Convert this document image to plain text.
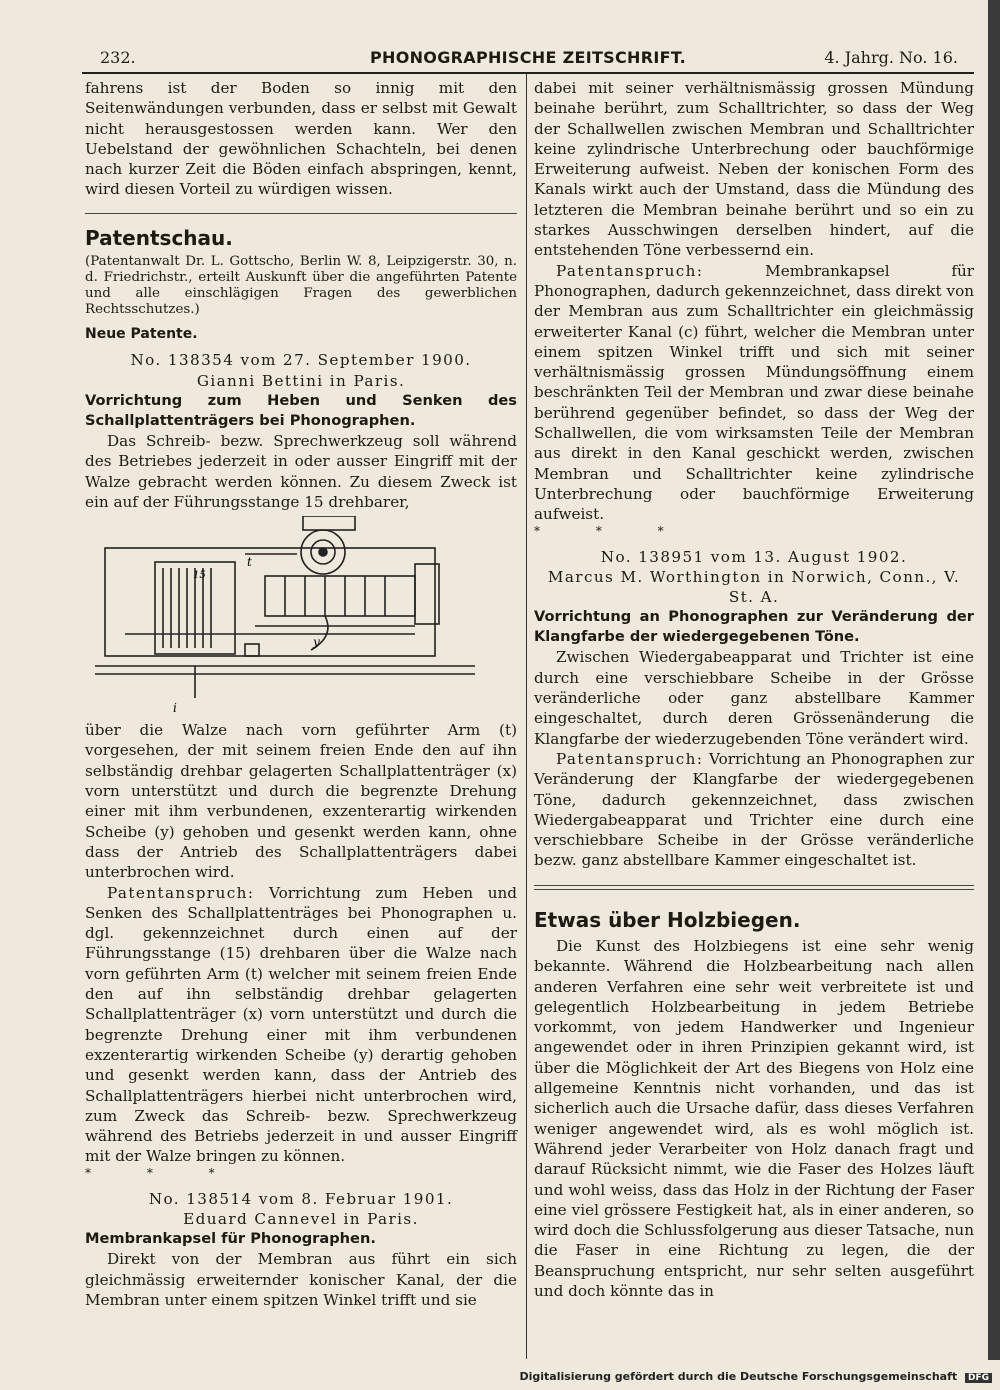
232.	PHONOGRAPHISCHE ZEITSCHRIFT.	4. Jahrg. No. 16.

fahrens ist der Boden so innig mit den Seitenwändungen verbunden, dass er selbst mit Gewalt nicht herausgestossen werden kann. Wer den Uebelstand der gewöhnlichen Schachteln, bei denen nach kurzer Zeit die Böden einfach abspringen, kennt, wird diesen Vorteil zu würdigen wissen.

Patentschau.

(Patentanwalt Dr. L. Gottscho, Berlin W. 8, Leipzigerstr. 30, n. d. Friedrichstr., erteilt Auskunft über die angeführten Patente und alle einschlägigen Fragen des gewerblichen Rechtsschutzes.)

Neue Patente.

No. 138354 vom 27. September 1900.

Gianni Bettini in Paris.

Vorrichtung zum Heben und Senken des Schallplattenträgers bei Phonographen.

Das Schreib- bezw. Sprechwerkzeug soll während des Betriebes jederzeit in oder ausser Eingriff mit der Walze gebracht werden können. Zu diesem Zweck ist ein auf der Führungsstange 15 drehbarer,

t
15
y
i

über die Walze nach vorn geführter Arm (t) vorgesehen, der mit seinem freien Ende den auf ihn selbständig drehbar gelagerten Schallplattenträger (x) vorn unterstützt und durch die begrenzte Drehung einer mit ihm verbundenen, exzenterartig wirkenden Scheibe (y) gehoben und gesenkt werden kann, ohne dass der Antrieb des Schallplattenträgers dabei unterbrochen wird.

Patentanspruch: Vorrichtung zum Heben und Senken des Schallplattenträges bei Phonographen u. dgl. gekennzeichnet durch einen auf der Führungsstange (15) drehbaren über die Walze nach vorn geführten Arm (t) welcher mit seinem freien Ende den auf ihn selbständig drehbar gelagerten Schallplattenträger (x) vorn unterstützt und durch die begrenzte Drehung einer mit ihm verbundenen exzenterartig wirkenden Scheibe (y) derartig gehoben und gesenkt werden kann, dass der Antrieb des Schallplattenträgers hierbei nicht unterbrochen wird, zum Zweck das Schreib- bezw. Sprechwerkzeug während des Betriebs jederzeit in und ausser Eingriff mit der Walze bringen zu können.

* * *

No. 138514 vom 8. Februar 1901.

Eduard Cannevel in Paris.

Membrankapsel für Phonographen.

Direkt von der Membran aus führt ein sich gleichmässig erweiternder konischer Kanal, der die Membran unter einem spitzen Winkel trifft und sie

dabei mit seiner verhältnismässig grossen Mündung beinahe berührt, zum Schalltrichter, so dass der Weg der Schallwellen zwischen Membran und Schalltrichter keine zylindrische Unterbrechung oder bauchförmige Erweiterung aufweist. Neben der konischen Form des Kanals wirkt auch der Umstand, dass die Mündung des letzteren die Membran beinahe berührt und so ein zu starkes Ausschwingen derselben hindert, auf die entstehenden Töne verbessernd ein.

Patentanspruch:	Membrankapsel für Phonographen, dadurch gekennzeichnet, dass direkt von der Membran aus zum Schalltrichter ein gleichmässig erweiterter Kanal (c) führt, welcher die Membran unter einem spitzen Winkel trifft und sich mit seiner verhältnismässig grossen Mündungsöffnung einem beschränkten Teil der Membran und zwar diese beinahe berührend gegenüber befindet, so dass der Weg der Schallwellen, die vom wirksamsten Teile der Membran aus direkt in den Kanal geschickt werden, zwischen Membran und Schalltrichter keine zylindrische Unterbrechung oder bauchförmige Erweiterung aufweist.

* * *

No. 138951 vom 13. August 1902.

Marcus M. Worthington in Norwich, Conn., V. St. A.

Vorrichtung an Phonographen zur Veränderung der Klangfarbe der wiedergegebenen Töne.

Zwischen Wiedergabeapparat und Trichter ist eine durch eine verschiebbare Scheibe in der Grösse veränderliche oder ganz abstellbare Kammer eingeschaltet, durch deren Grössenänderung die Klangfarbe der wiederzugebenden Töne verändert wird.

Patentanspruch: Vorrichtung an Phonographen zur Veränderung der Klangfarbe der wiedergegebenen Töne, dadurch gekennzeichnet, dass zwischen Wiedergabeapparat und Trichter eine durch eine verschiebbare Scheibe in der Grösse veränderliche bezw. ganz abstellbare Kammer eingeschaltet ist.

Etwas über Holzbiegen.

Die Kunst des Holzbiegens ist eine sehr wenig bekannte. Während die Holzbearbeitung nach allen anderen Verfahren eine sehr weit verbreitete ist und gelegentlich Holzbearbeitung in jedem Betriebe vorkommt, von jedem Handwerker und Ingenieur angewendet oder in ihren Prinzipien gekannt wird, ist über die Möglichkeit der Art des Biegens von Holz eine allgemeine Kenntnis nicht vorhanden, und das ist sicherlich auch die Ursache dafür, dass dieses Verfahren weniger angewendet wird, als es wohl möglich ist. Während jeder Verarbeiter von Holz danach fragt und darauf Rücksicht nimmt, wie die Faser des Holzes läuft und wohl weiss, dass das Holz in der Richtung der Faser eine viel grössere Festigkeit hat, als in einer anderen, so wird doch die Schlussfolgerung aus dieser Tatsache, nun die Faser in eine Richtung zu legen, die der Beanspruchung entspricht, nur sehr selten ausgeführt und doch könnte das in

Digitalisierung gefördert durch die Deutsche Forschungsgemeinschaft DFG
